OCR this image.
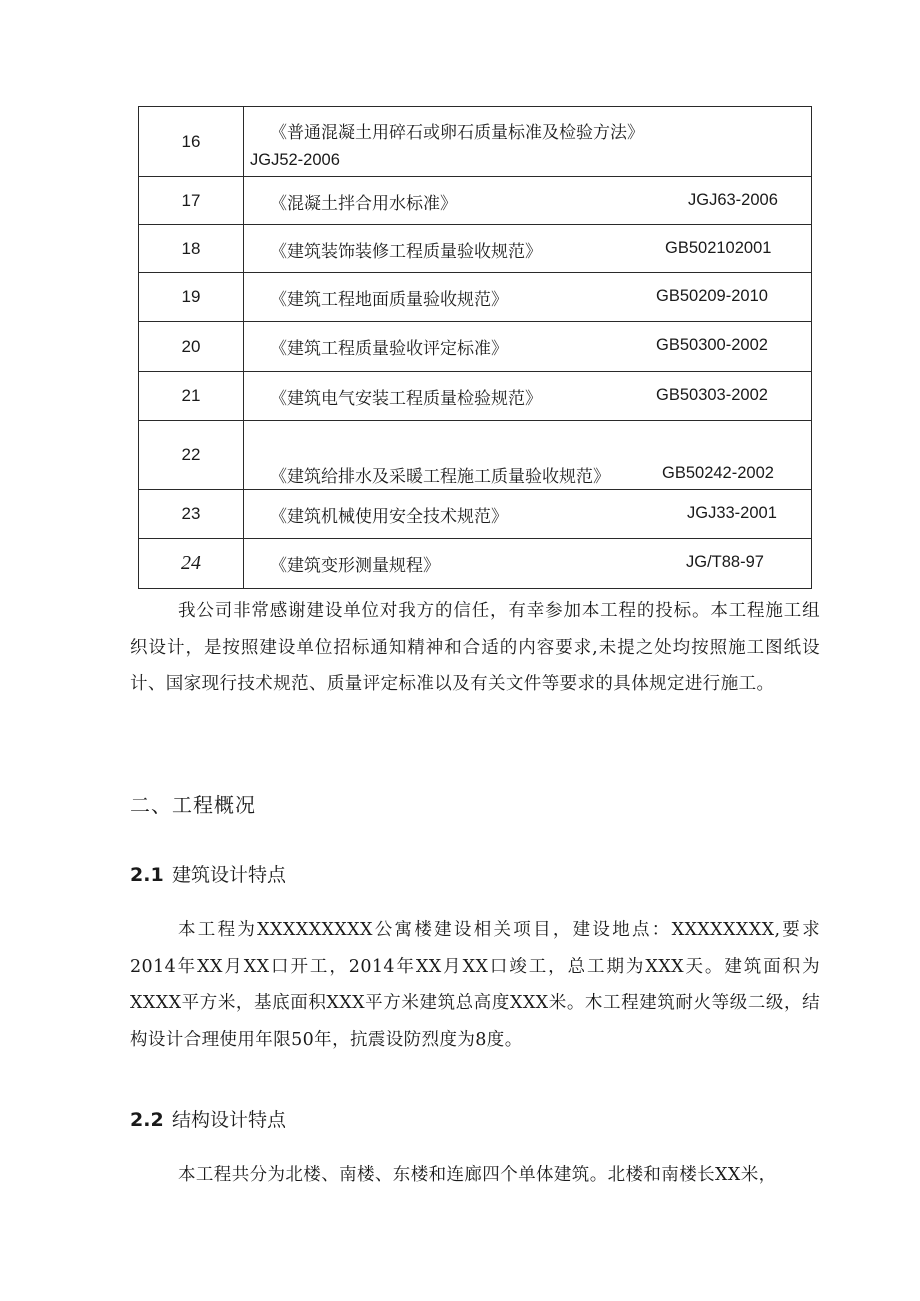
16	《普通混凝土用碎石或卵石质量标准及检验方法》
JGJ52-2006

17	《混凝土拌合用水标准》 JGJ63-2006

18	《建筑装饰装修工程质量验收规范》 GB502102001

19	《建筑工程地面质量验收规范》 GB50209-2010

20	《建筑工程质量验收评定标准》 GB50300-2002

21	《建筑电气安装工程质量检验规范》 GB50303-2002

22	《建筑给排水及采暖工程施工质量验收规范》 GB50242-2002

23	《建筑机械使用安全技术规范》 JGJ33-2001

24	《建筑变形测量规程》 JG/T88-97

我公司非常感谢建设单位对我方的信任，有幸参加本工程的投标。本工程施工组织设计，是按照建设单位招标通知精神和合适的内容要求,未提之处均按照施工图纸设计、国家现行技术规范、质量评定标准以及有关文件等要求的具体规定进行施工。

二、工程概况
2.1 建筑设计特点

本工程为XXXXXXXXX公寓楼建设相关项目，建设地点：XXXXXXXX,要求2014年XX月XX口开工，2014年XX月XX口竣工，总工期为XXX天。建筑面积为XXXX平方米，基底面积XXX平方米建筑总高度XXX米。木工程建筑耐火等级二级，结构设计合理使用年限50年，抗震设防烈度为8度。

2.2 结构设计特点

本工程共分为北楼、南楼、东楼和连廊四个单体建筑。北楼和南楼长XX米，
